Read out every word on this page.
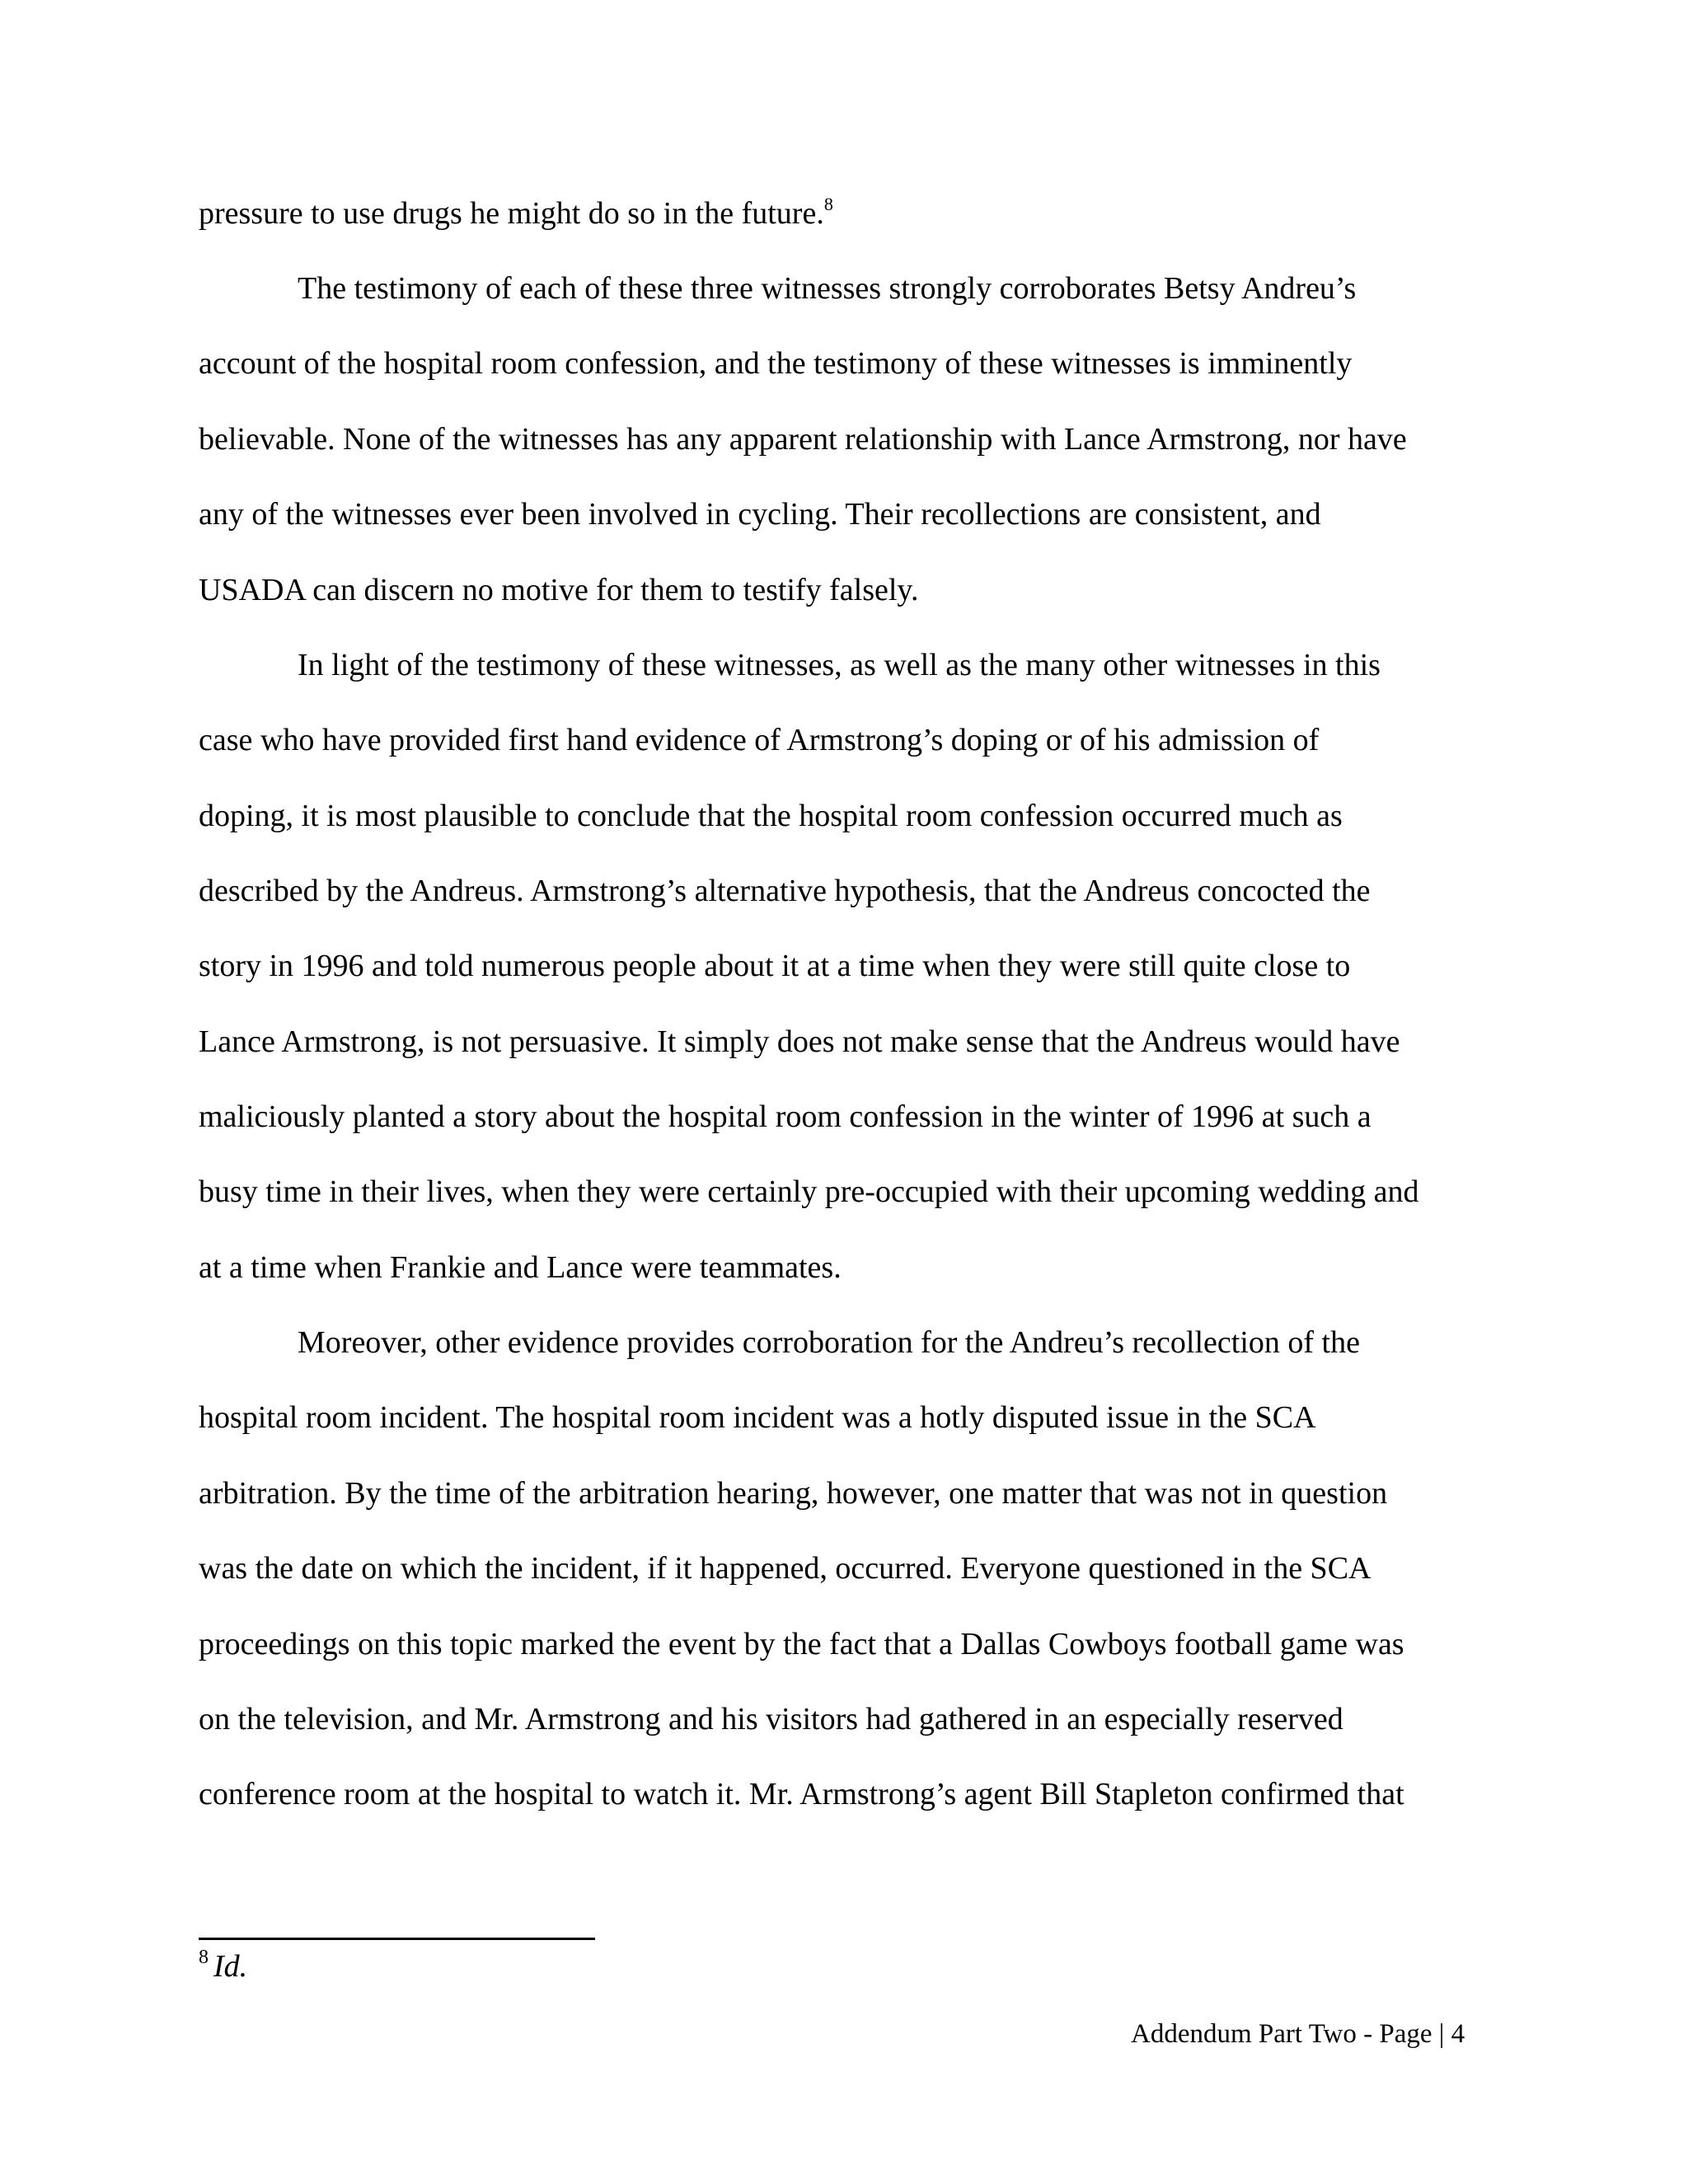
pressure to use drugs he might do so in the future.$^8$

The testimony of each of these three witnesses strongly corroborates Betsy Andreu’s

account of the hospital room confession, and the testimony of these witnesses is imminently

believable. None of the witnesses has any apparent relationship with Lance Armstrong, nor have

any of the witnesses ever been involved in cycling. Their recollections are consistent, and

USADA can discern no motive for them to testify falsely.

In light of the testimony of these witnesses, as well as the many other witnesses in this

case who have provided first hand evidence of Armstrong’s doping or of his admission of

doping, it is most plausible to conclude that the hospital room confession occurred much as

described by the Andreus. Armstrong’s alternative hypothesis, that the Andreus concocted the

story in 1996 and told numerous people about it at a time when they were still quite close to

Lance Armstrong, is not persuasive. It simply does not make sense that the Andreus would have

maliciously planted a story about the hospital room confession in the winter of 1996 at such a

busy time in their lives, when they were certainly pre-occupied with their upcoming wedding and

at a time when Frankie and Lance were teammates.

Moreover, other evidence provides corroboration for the Andreu’s recollection of the

hospital room incident. The hospital room incident was a hotly disputed issue in the SCA

arbitration. By the time of the arbitration hearing, however, one matter that was not in question

was the date on which the incident, if it happened, occurred. Everyone questioned in the SCA

proceedings on this topic marked the event by the fact that a Dallas Cowboys football game was

on the television, and Mr. Armstrong and his visitors had gathered in an especially reserved

conference room at the hospital to watch it. Mr. Armstrong’s agent Bill Stapleton confirmed that

$^8$ Id.
Addendum Part Two - Page | 4
